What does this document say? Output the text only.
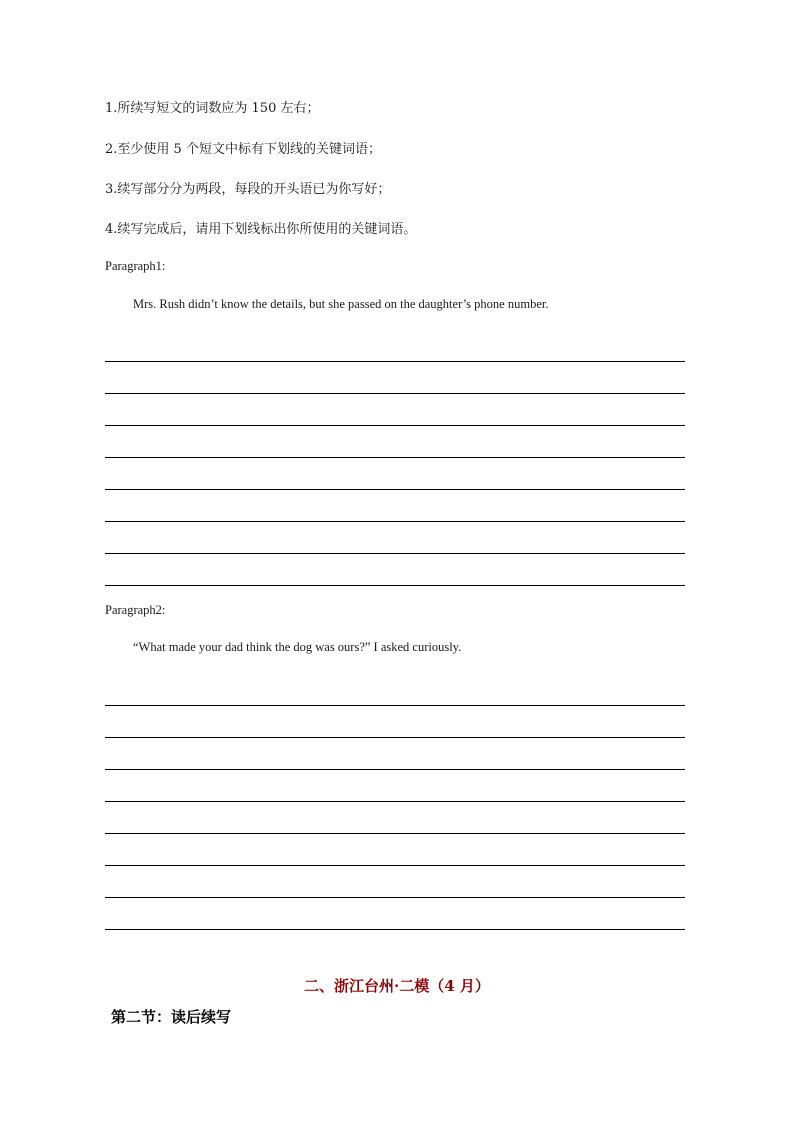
1.所续写短文的词数应为 150 左右；
2.至少使用 5 个短文中标有下划线的关键词语；
3.续写部分分为两段，每段的开头语已为你写好；
4.续写完成后，请用下划线标出你所使用的关键词语。
Paragraph1:
Mrs. Rush didn’t know the details, but she passed on the daughter’s phone number.
Paragraph2:
“What made your dad think the dog was ours?” I asked curiously.
二、浙江台州·二模（4 月）
第二节：读后续写
